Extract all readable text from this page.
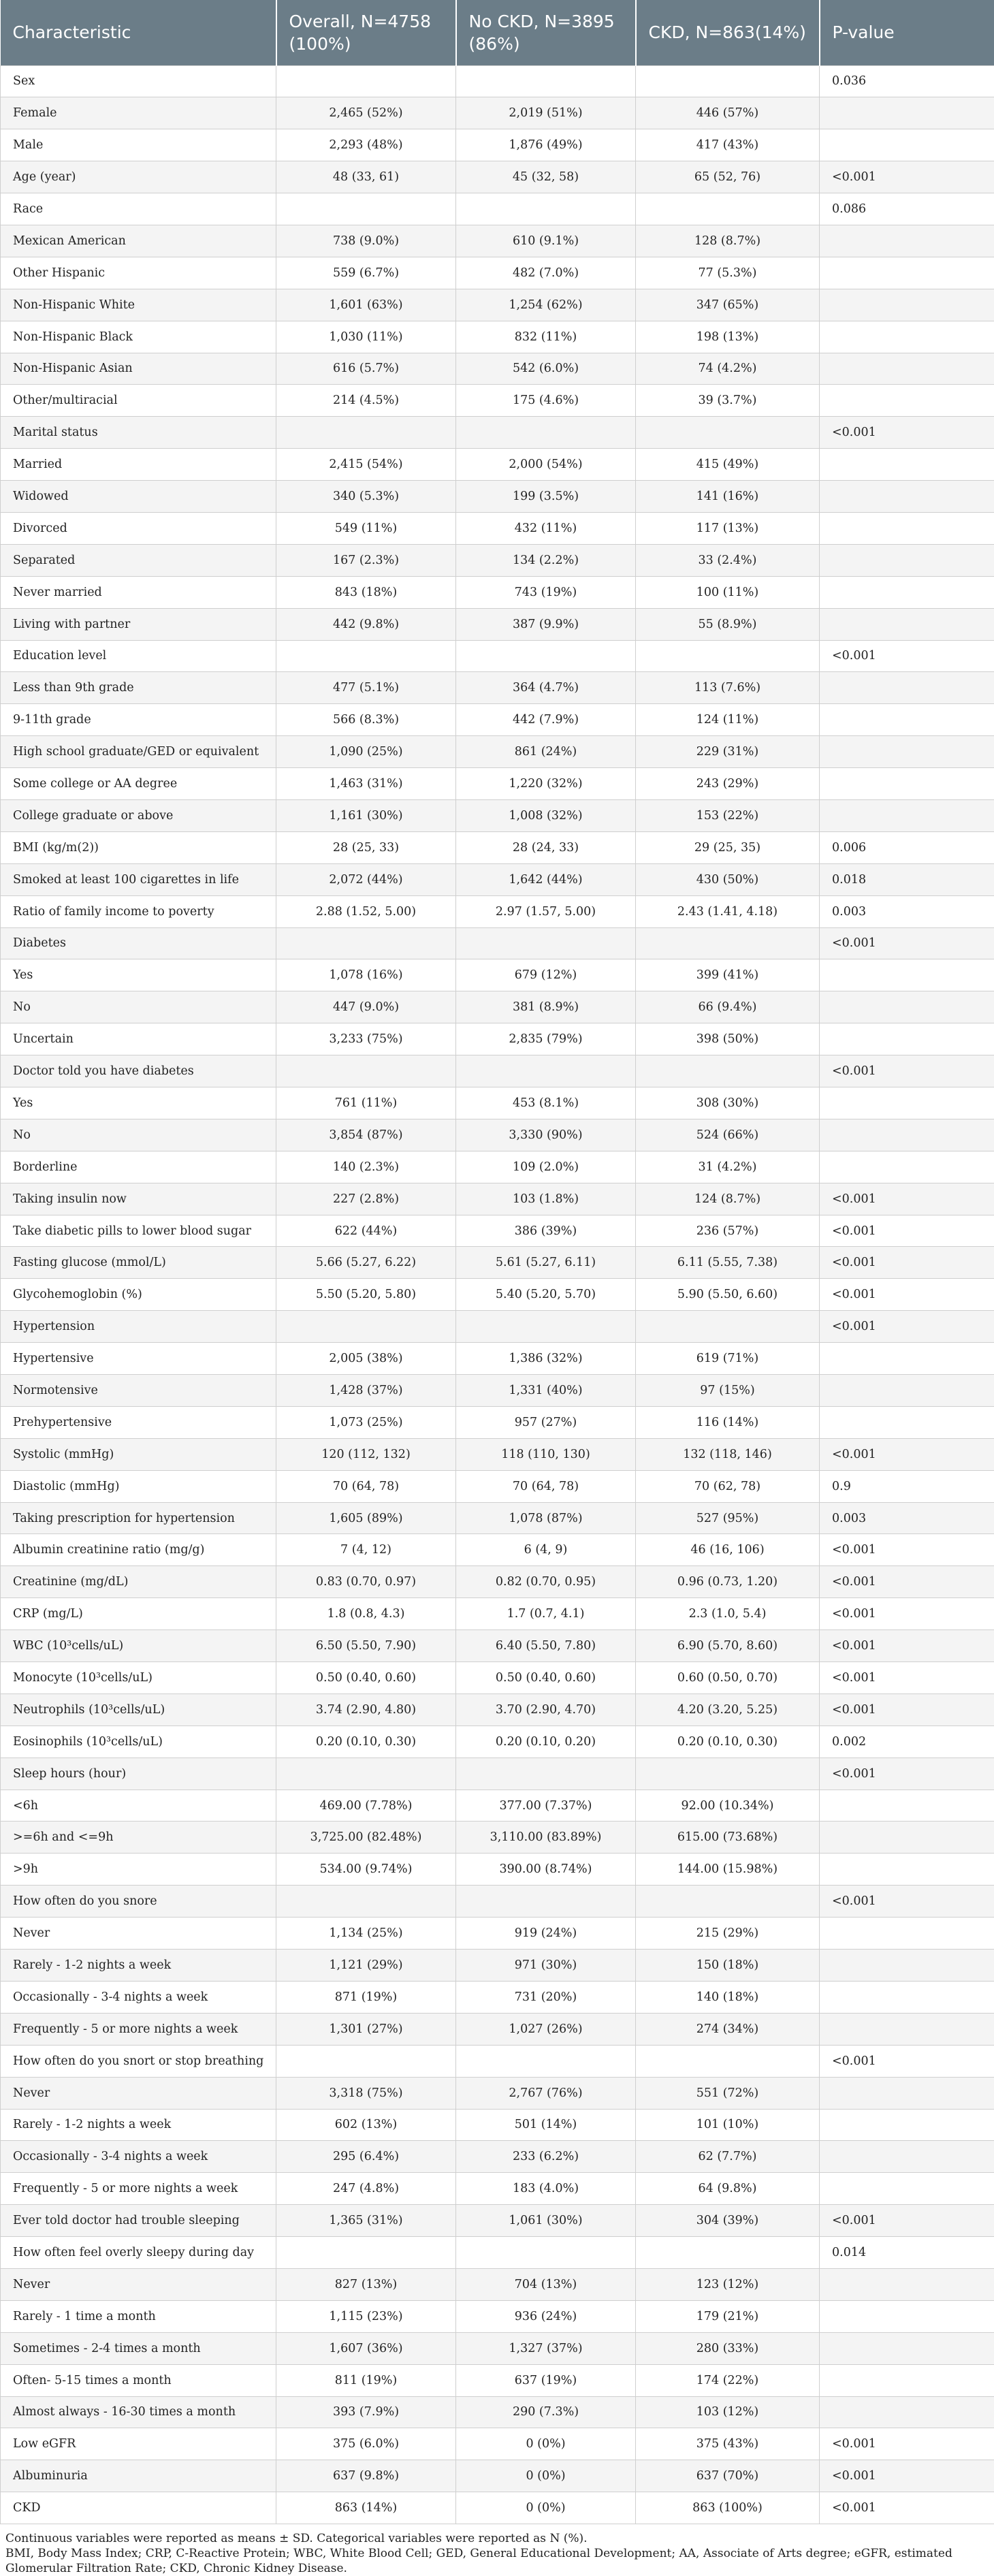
Characteristic	Overall, N=4758 (100%)	No CKD, N=3895 (86%)	CKD, N=863(14%)	P-value
Sex				0.036
Female	2,465 (52%)	2,019 (51%)	446 (57%)	
Male	2,293 (48%)	1,876 (49%)	417 (43%)	
Age (year)	48 (33, 61)	45 (32, 58)	65 (52, 76)	<0.001
Race				0.086
Mexican American	738 (9.0%)	610 (9.1%)	128 (8.7%)	
Other Hispanic	559 (6.7%)	482 (7.0%)	77 (5.3%)	
Non-Hispanic White	1,601 (63%)	1,254 (62%)	347 (65%)	
Non-Hispanic Black	1,030 (11%)	832 (11%)	198 (13%)	
Non-Hispanic Asian	616 (5.7%)	542 (6.0%)	74 (4.2%)	
Other/multiracial	214 (4.5%)	175 (4.6%)	39 (3.7%)	
Marital status				<0.001
Married	2,415 (54%)	2,000 (54%)	415 (49%)	
Widowed	340 (5.3%)	199 (3.5%)	141 (16%)	
Divorced	549 (11%)	432 (11%)	117 (13%)	
Separated	167 (2.3%)	134 (2.2%)	33 (2.4%)	
Never married	843 (18%)	743 (19%)	100 (11%)	
Living with partner	442 (9.8%)	387 (9.9%)	55 (8.9%)	
Education level				<0.001
Less than 9th grade	477 (5.1%)	364 (4.7%)	113 (7.6%)	
9-11th grade	566 (8.3%)	442 (7.9%)	124 (11%)	
High school graduate/GED or equivalent	1,090 (25%)	861 (24%)	229 (31%)	
Some college or AA degree	1,463 (31%)	1,220 (32%)	243 (29%)	
College graduate or above	1,161 (30%)	1,008 (32%)	153 (22%)	
BMI (kg/m(2))	28 (25, 33)	28 (24, 33)	29 (25, 35)	0.006
Smoked at least 100 cigarettes in life	2,072 (44%)	1,642 (44%)	430 (50%)	0.018
Ratio of family income to poverty	2.88 (1.52, 5.00)	2.97 (1.57, 5.00)	2.43 (1.41, 4.18)	0.003
Diabetes				<0.001
Yes	1,078 (16%)	679 (12%)	399 (41%)	
No	447 (9.0%)	381 (8.9%)	66 (9.4%)	
Uncertain	3,233 (75%)	2,835 (79%)	398 (50%)	
Doctor told you have diabetes				<0.001
Yes	761 (11%)	453 (8.1%)	308 (30%)	
No	3,854 (87%)	3,330 (90%)	524 (66%)	
Borderline	140 (2.3%)	109 (2.0%)	31 (4.2%)	
Taking insulin now	227 (2.8%)	103 (1.8%)	124 (8.7%)	<0.001
Take diabetic pills to lower blood sugar	622 (44%)	386 (39%)	236 (57%)	<0.001
Fasting glucose (mmol/L)	5.66 (5.27, 6.22)	5.61 (5.27, 6.11)	6.11 (5.55, 7.38)	<0.001
Glycohemoglobin (%)	5.50 (5.20, 5.80)	5.40 (5.20, 5.70)	5.90 (5.50, 6.60)	<0.001
Hypertension				<0.001
Hypertensive	2,005 (38%)	1,386 (32%)	619 (71%)	
Normotensive	1,428 (37%)	1,331 (40%)	97 (15%)	
Prehypertensive	1,073 (25%)	957 (27%)	116 (14%)	
Systolic (mmHg)	120 (112, 132)	118 (110, 130)	132 (118, 146)	<0.001
Diastolic (mmHg)	70 (64, 78)	70 (64, 78)	70 (62, 78)	0.9
Taking prescription for hypertension	1,605 (89%)	1,078 (87%)	527 (95%)	0.003
Albumin creatinine ratio (mg/g)	7 (4, 12)	6 (4, 9)	46 (16, 106)	<0.001
Creatinine (mg/dL)	0.83 (0.70, 0.97)	0.82 (0.70, 0.95)	0.96 (0.73, 1.20)	<0.001
CRP (mg/L)	1.8 (0.8, 4.3)	1.7 (0.7, 4.1)	2.3 (1.0, 5.4)	<0.001
WBC (10³cells/uL)	6.50 (5.50, 7.90)	6.40 (5.50, 7.80)	6.90 (5.70, 8.60)	<0.001
Monocyte (10³cells/uL)	0.50 (0.40, 0.60)	0.50 (0.40, 0.60)	0.60 (0.50, 0.70)	<0.001
Neutrophils (10³cells/uL)	3.74 (2.90, 4.80)	3.70 (2.90, 4.70)	4.20 (3.20, 5.25)	<0.001
Eosinophils (10³cells/uL)	0.20 (0.10, 0.30)	0.20 (0.10, 0.20)	0.20 (0.10, 0.30)	0.002
Sleep hours (hour)				<0.001
<6h	469.00 (7.78%)	377.00 (7.37%)	92.00 (10.34%)	
>=6h and <=9h	3,725.00 (82.48%)	3,110.00 (83.89%)	615.00 (73.68%)	
>9h	534.00 (9.74%)	390.00 (8.74%)	144.00 (15.98%)	
How often do you snore				<0.001
Never	1,134 (25%)	919 (24%)	215 (29%)	
Rarely - 1-2 nights a week	1,121 (29%)	971 (30%)	150 (18%)	
Occasionally - 3-4 nights a week	871 (19%)	731 (20%)	140 (18%)	
Frequently - 5 or more nights a week	1,301 (27%)	1,027 (26%)	274 (34%)	
How often do you snort or stop breathing				<0.001
Never	3,318 (75%)	2,767 (76%)	551 (72%)	
Rarely - 1-2 nights a week	602 (13%)	501 (14%)	101 (10%)	
Occasionally - 3-4 nights a week	295 (6.4%)	233 (6.2%)	62 (7.7%)	
Frequently - 5 or more nights a week	247 (4.8%)	183 (4.0%)	64 (9.8%)	
Ever told doctor had trouble sleeping	1,365 (31%)	1,061 (30%)	304 (39%)	<0.001
How often feel overly sleepy during day				0.014
Never	827 (13%)	704 (13%)	123 (12%)	
Rarely - 1 time a month	1,115 (23%)	936 (24%)	179 (21%)	
Sometimes - 2-4 times a month	1,607 (36%)	1,327 (37%)	280 (33%)	
Often- 5-15 times a month	811 (19%)	637 (19%)	174 (22%)	
Almost always - 16-30 times a month	393 (7.9%)	290 (7.3%)	103 (12%)	
Low eGFR	375 (6.0%)	0 (0%)	375 (43%)	<0.001
Albuminuria	637 (9.8%)	0 (0%)	637 (70%)	<0.001
CKD	863 (14%)	0 (0%)	863 (100%)	<0.001

Continuous variables were reported as means ± SD. Categorical variables were reported as N (%).

BMI, Body Mass Index; CRP, C-Reactive Protein; WBC, White Blood Cell; GED, General Educational Development; AA, Associate of Arts degree; eGFR, estimated Glomerular Filtration Rate; CKD, Chronic Kidney Disease.
